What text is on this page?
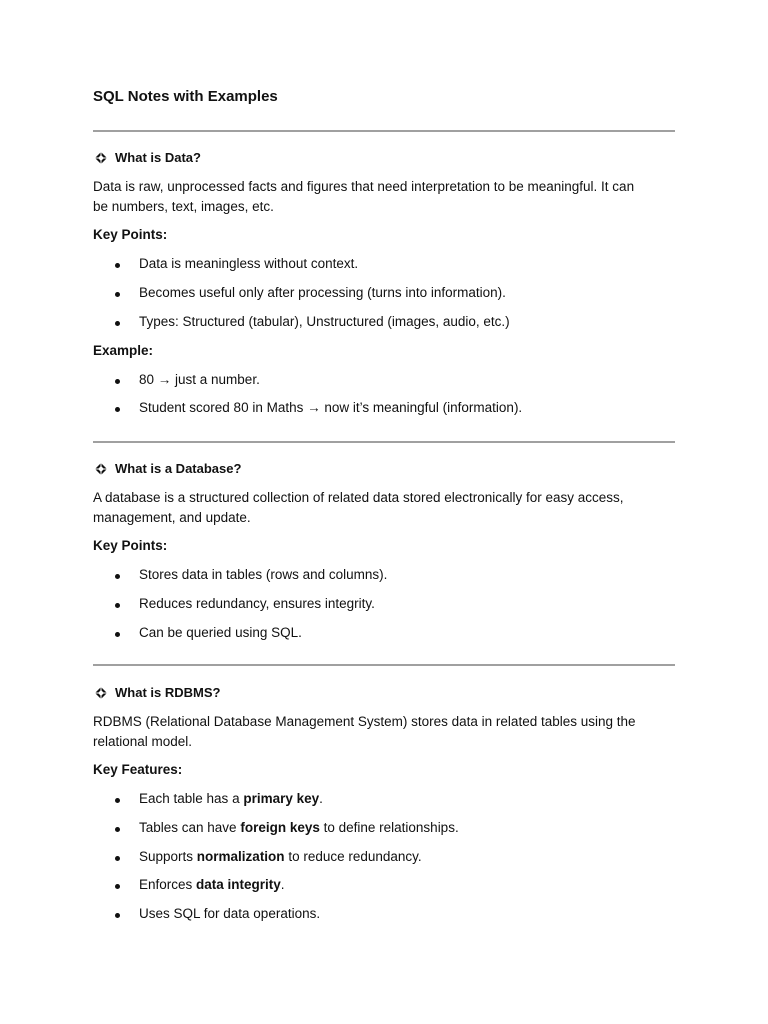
SQL Notes with Examples
What is Data?
Data is raw, unprocessed facts and figures that need interpretation to be meaningful. It can
be numbers, text, images, etc.
Key Points:
Data is meaningless without context.
Becomes useful only after processing (turns into information).
Types: Structured (tabular), Unstructured (images, audio, etc.)
Example:
80 → just a number.
Student scored 80 in Maths → now it’s meaningful (information).
What is a Database?
A database is a structured collection of related data stored electronically for easy access,
management, and update.
Key Points:
Stores data in tables (rows and columns).
Reduces redundancy, ensures integrity.
Can be queried using SQL.
What is RDBMS?
RDBMS (Relational Database Management System) stores data in related tables using the
relational model.
Key Features:
Each table has a primary key.
Tables can have foreign keys to define relationships.
Supports normalization to reduce redundancy.
Enforces data integrity.
Uses SQL for data operations.
